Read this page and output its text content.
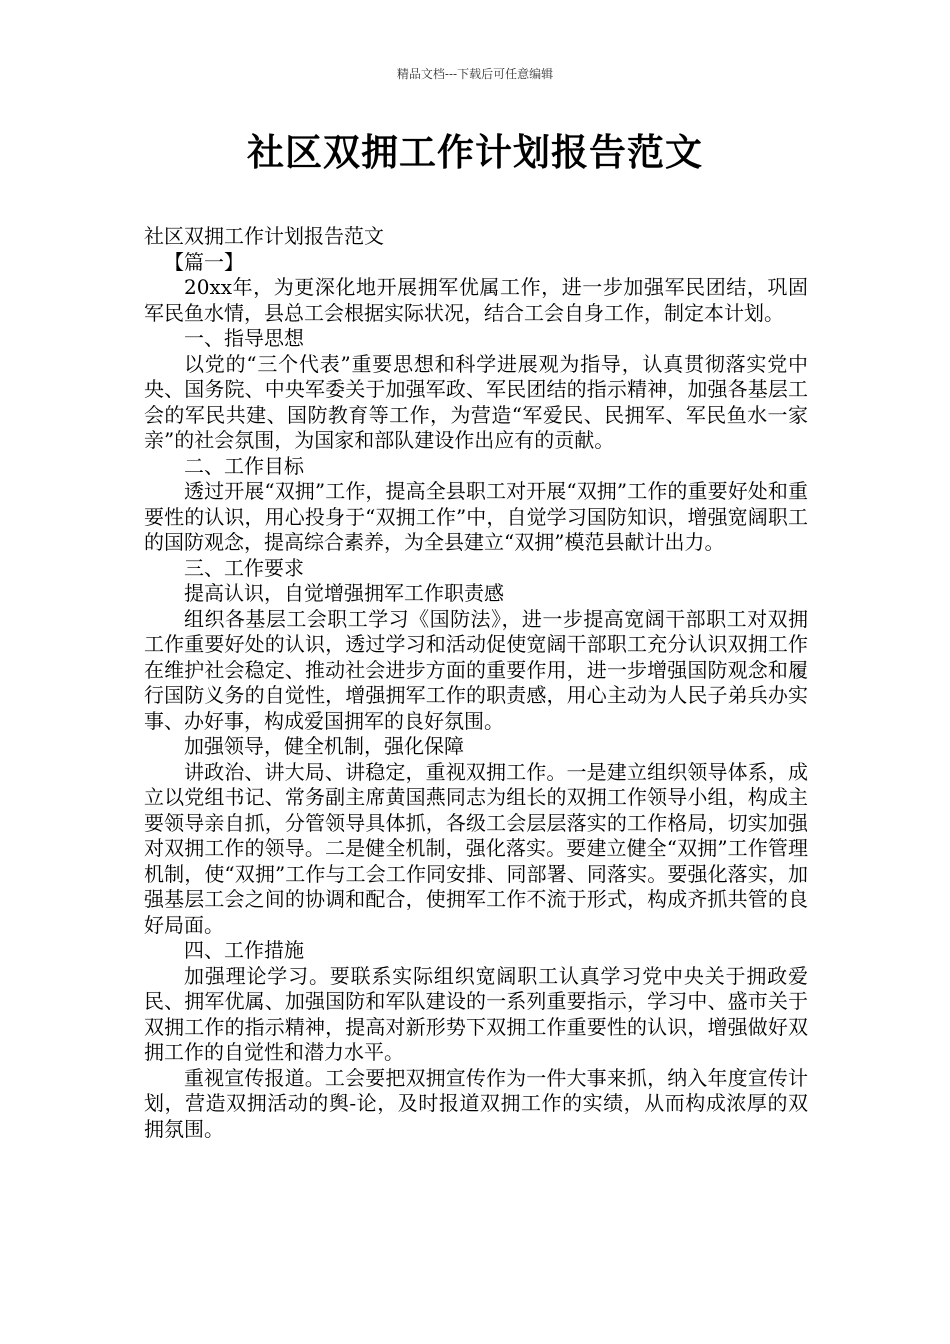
精品文档---下载后可任意编辑
社区双拥工作计划报告范文

社区双拥工作计划报告范文

【篇一】

20xx年，为更深化地开展拥军优属工作，进一步加强军民团结，巩固军民鱼水情，县总工会根据实际状况，结合工会自身工作，制定本计划。

一、指导思想

以党的“三个代表”重要思想和科学进展观为指导，认真贯彻落实党中央、国务院、中央军委关于加强军政、军民团结的指示精神，加强各基层工会的军民共建、国防教育等工作，为营造“军爱民、民拥军、军民鱼水一家亲”的社会氛围，为国家和部队建设作出应有的贡献。

二、工作目标

透过开展“双拥”工作，提高全县职工对开展“双拥”工作的重要好处和重要性的认识，用心投身于“双拥工作”中，自觉学习国防知识，增强宽阔职工的国防观念，提高综合素养，为全县建立“双拥”模范县献计出力。

三、工作要求

提高认识，自觉增强拥军工作职责感

组织各基层工会职工学习《国防法》，进一步提高宽阔干部职工对双拥工作重要好处的认识，透过学习和活动促使宽阔干部职工充分认识双拥工作在维护社会稳定、推动社会进步方面的重要作用，进一步增强国防观念和履行国防义务的自觉性，增强拥军工作的职责感，用心主动为人民子弟兵办实事、办好事，构成爱国拥军的良好氛围。

加强领导，健全机制，强化保障

讲政治、讲大局、讲稳定，重视双拥工作。一是建立组织领导体系，成立以党组书记、常务副主席黄国燕同志为组长的双拥工作领导小组，构成主要领导亲自抓，分管领导具体抓，各级工会层层落实的工作格局，切实加强对双拥工作的领导。二是健全机制，强化落实。要建立健全“双拥”工作管理机制，使“双拥”工作与工会工作同安排、同部署、同落实。要强化落实，加强基层工会之间的协调和配合，使拥军工作不流于形式，构成齐抓共管的良好局面。

四、工作措施

加强理论学习。要联系实际组织宽阔职工认真学习党中央关于拥政爱民、拥军优属、加强国防和军队建设的一系列重要指示，学习中、盛市关于双拥工作的指示精神，提高对新形势下双拥工作重要性的认识，增强做好双拥工作的自觉性和潜力水平。

重视宣传报道。工会要把双拥宣传作为一件大事来抓，纳入年度宣传计划，营造双拥活动的舆-论，及时报道双拥工作的实绩，从而构成浓厚的双拥氛围。
